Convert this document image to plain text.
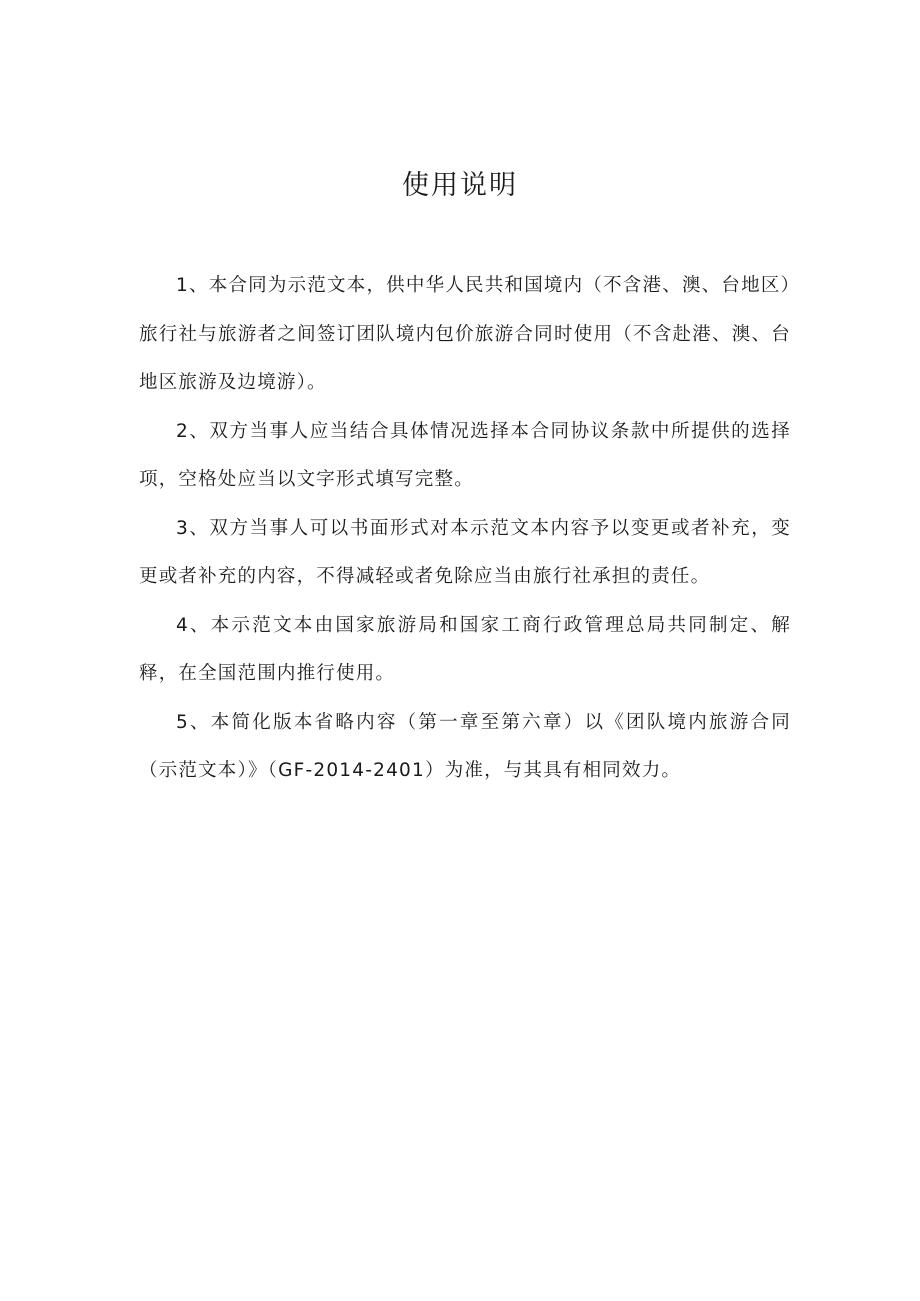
使用说明

1、本合同为示范文本，供中华人民共和国境内（不含港、澳、台地区）旅行社与旅游者之间签订团队境内包价旅游合同时使用（不含赴港、澳、台地区旅游及边境游）。

2、双方当事人应当结合具体情况选择本合同协议条款中所提供的选择项，空格处应当以文字形式填写完整。

3、双方当事人可以书面形式对本示范文本内容予以变更或者补充，变更或者补充的内容，不得减轻或者免除应当由旅行社承担的责任。

4、本示范文本由国家旅游局和国家工商行政管理总局共同制定、解释，在全国范围内推行使用。

5、本简化版本省略内容（第一章至第六章）以《团队境内旅游合同（示范文本）》（GF-2014-2401）为准，与其具有相同效力。
